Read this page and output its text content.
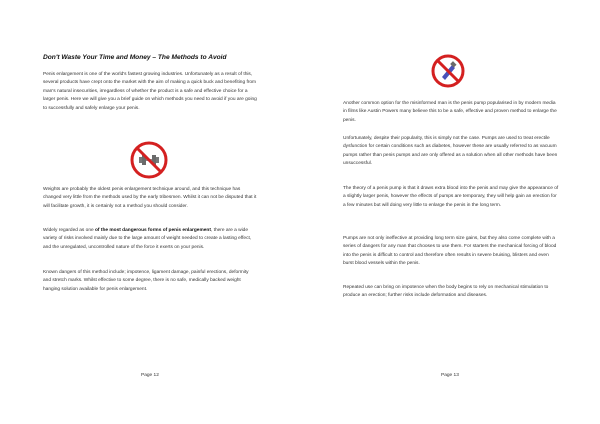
Don't Waste Your Time and Money – The Methods to Avoid

Penis enlargement is one of the world's fastest growing industries. Unfortunately as a result of this, several products have crept onto the market with the aim of making a quick buck and benefiting from man's natural insecurities, irregardless of whether the product is a safe and effective choice for a larger penis. Here we will give you a brief guide on which methods you need to avoid if you are going to successfully and safely enlarge your penis.

Weights are probably the oldest penis enlargement technique around, and this technique has changed very little from the methods used by the early tribesmen. Whilst it can not be disputed that it will facilitate growth, it is certainly not a method you should consider.

Widely regarded as one of the most dangerous forms of penis enlargement, there are a wide variety of risks involved mainly due to the large amount of weight needed to create a lasting effect, and the unregulated, uncontrolled nature of the force it exerts on your penis.

Known dangers of this method include; impotence, ligament damage, painful erections, deformity and stretch marks. Whilst effective to some degree, there is no safe, medically backed weight hanging solution available for penis enlargement.

Page 12

Another common option for the misinformed man is the penis pump popularised in by modern media in films like Austin Powers many believe this to be a safe, effective and proven method to enlarge the penis.

Unfortunately, despite their popularity, this is simply not the case. Pumps are used to treat erectile dysfunction for certain conditions such as diabetes, however these are usually referred to as vacuum pumps rather than penis pumps and are only offered as a solution when all other methods have been unsuccessful.

The theory of a penis pump is that it draws extra blood into the penis and may give the appearance of a slightly larger penis, however the effects of pumps are temporary, they will help gain an erection for a few minutes but will doing very little to enlarge the penis in the long term.

Pumps are not only ineffective at providing long term size gains, but they also come complete with a series of dangers for any man that chooses to use them. For starters the mechanical forcing of blood into the penis is difficult to control and therefore often results in severe bruising, blisters and even burst blood vessels within the penis.

Repeated use can bring on impotence when the body begins to rely on mechanical stimulation to produce an erection; further risks include deformation and diseases.

Page 13
